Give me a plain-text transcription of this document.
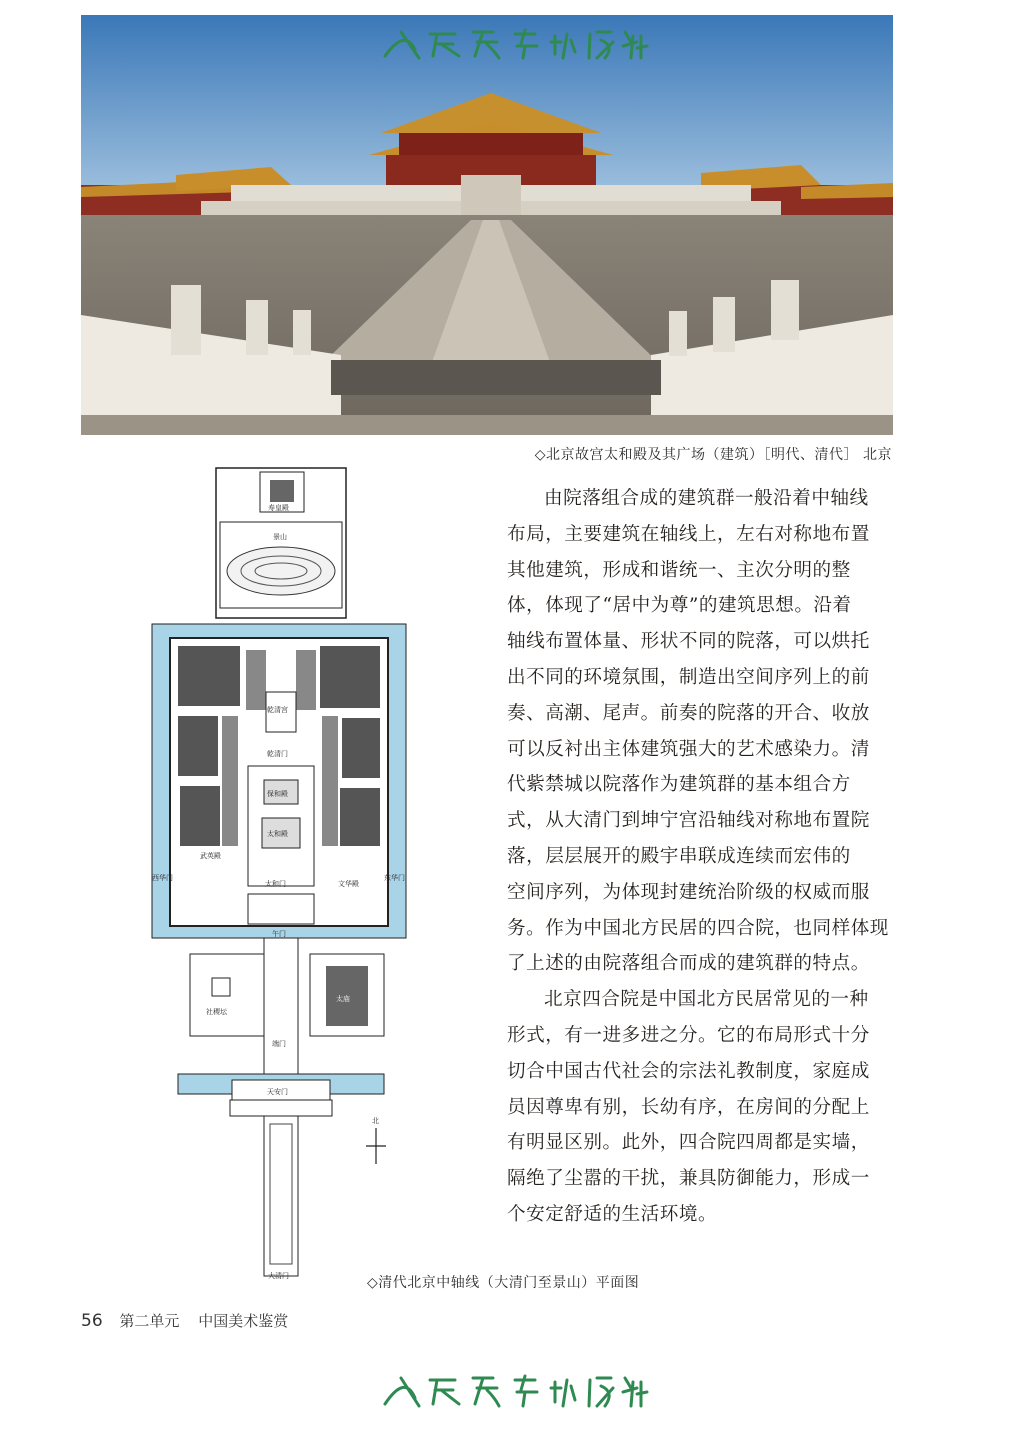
◇北京故宫太和殿及其广场（建筑）［明代、清代］ 北京
寿皇殿
景山
乾清宫
乾清门
保和殿
太和殿
武英殿
文华殿
太和门
西华门	东华门
午门
社稷坛
太庙
端门
天安门
大清门
北
◇清代北京中轴线（大清门至景山）平面图
由院落组合成的建筑群一般沿着中轴线
布局，主要建筑在轴线上，左右对称地布置
其他建筑，形成和谐统一、主次分明的整
体，体现了“居中为尊”的建筑思想。沿着
轴线布置体量、形状不同的院落，可以烘托
出不同的环境氛围，制造出空间序列上的前
奏、高潮、尾声。前奏的院落的开合、收放
可以反衬出主体建筑强大的艺术感染力。清
代紫禁城以院落作为建筑群的基本组合方
式，从大清门到坤宁宫沿轴线对称地布置院
落，层层展开的殿宇串联成连续而宏伟的
空间序列，为体现封建统治阶级的权威而服
务。作为中国北方民居的四合院，也同样体现
了上述的由院落组合而成的建筑群的特点。
北京四合院是中国北方民居常见的一种
形式，有一进多进之分。它的布局形式十分
切合中国古代社会的宗法礼教制度，家庭成
员因尊卑有别，长幼有序，在房间的分配上
有明显区别。此外，四合院四周都是实墙，
隔绝了尘嚣的干扰，兼具防御能力，形成一
个安定舒适的生活环境。
56 第二单元 中国美术鉴赏
